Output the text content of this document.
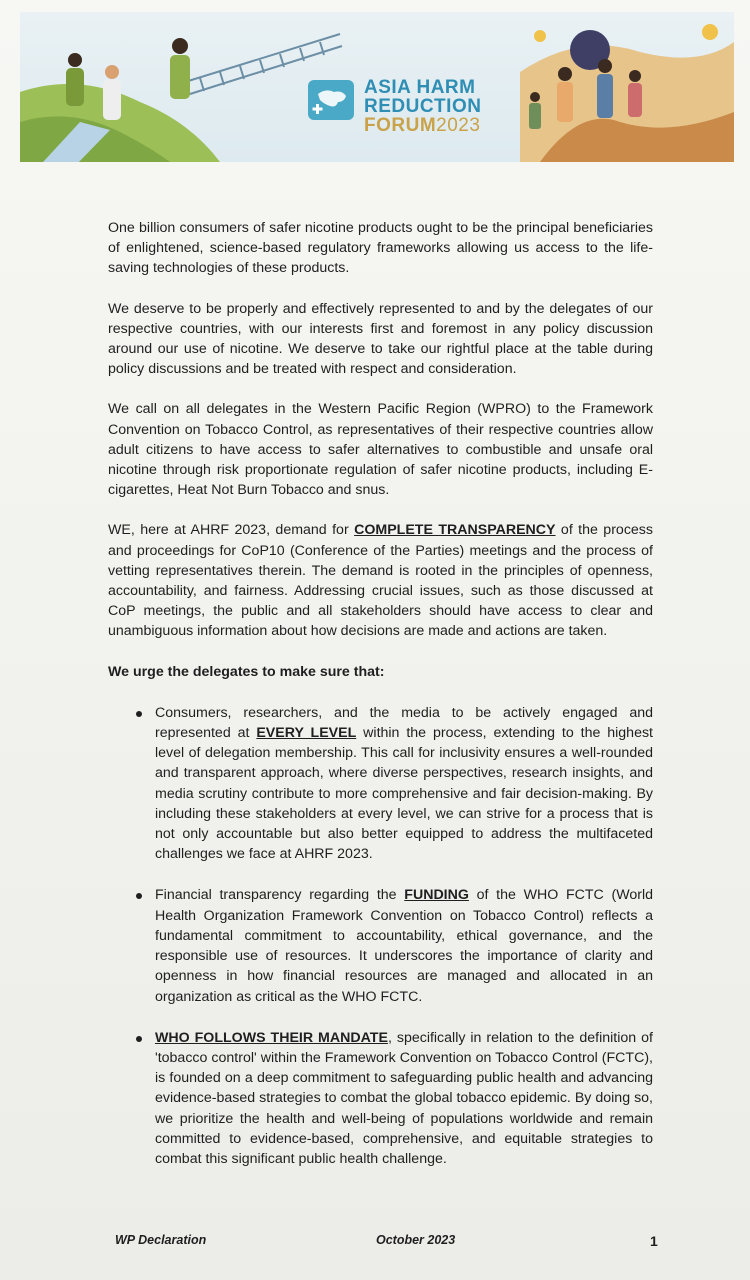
ASIA HARM
REDUCTION
FORUM2023

One billion consumers of safer nicotine products ought to be the principal beneficiaries of enlightened, science-based regulatory frameworks allowing us access to the life-saving technologies of these products.

We deserve to be properly and effectively represented to and by the delegates of our respective countries, with our interests first and foremost in any policy discussion around our use of nicotine. We deserve to take our rightful place at the table during policy discussions and be treated with respect and consideration.

We call on all delegates in the Western Pacific Region (WPRO) to the Framework Convention on Tobacco Control, as representatives of their respective countries allow adult citizens to have access to safer alternatives to combustible and unsafe oral nicotine through risk proportionate regulation of safer nicotine products, including E-cigarettes, Heat Not Burn Tobacco and snus.

WE, here at AHRF 2023, demand for COMPLETE TRANSPARENCY of the process and proceedings for CoP10 (Conference of the Parties) meetings and the process of vetting representatives therein. The demand is rooted in the principles of openness, accountability, and fairness. Addressing crucial issues, such as those discussed at CoP meetings, the public and all stakeholders should have access to clear and unambiguous information about how decisions are made and actions are taken.

We urge the delegates to make sure that:

Consumers, researchers, and the media to be actively engaged and represented at EVERY LEVEL within the process, extending to the highest level of delegation membership. This call for inclusivity ensures a well-rounded and transparent approach, where diverse perspectives, research insights, and media scrutiny contribute to more comprehensive and fair decision-making. By including these stakeholders at every level, we can strive for a process that is not only accountable but also better equipped to address the multifaceted challenges we face at AHRF 2023.
Financial transparency regarding the FUNDING of the WHO FCTC (World Health Organization Framework Convention on Tobacco Control) reflects a fundamental commitment to accountability, ethical governance, and the responsible use of resources. It underscores the importance of clarity and openness in how financial resources are managed and allocated in an organization as critical as the WHO FCTC.
WHO FOLLOWS THEIR MANDATE, specifically in relation to the definition of 'tobacco control' within the Framework Convention on Tobacco Control (FCTC), is founded on a deep commitment to safeguarding public health and advancing evidence-based strategies to combat the global tobacco epidemic. By doing so, we prioritize the health and well-being of populations worldwide and remain committed to evidence-based, comprehensive, and equitable strategies to combat this significant public health challenge.
WP Declaration	October 2023	1
